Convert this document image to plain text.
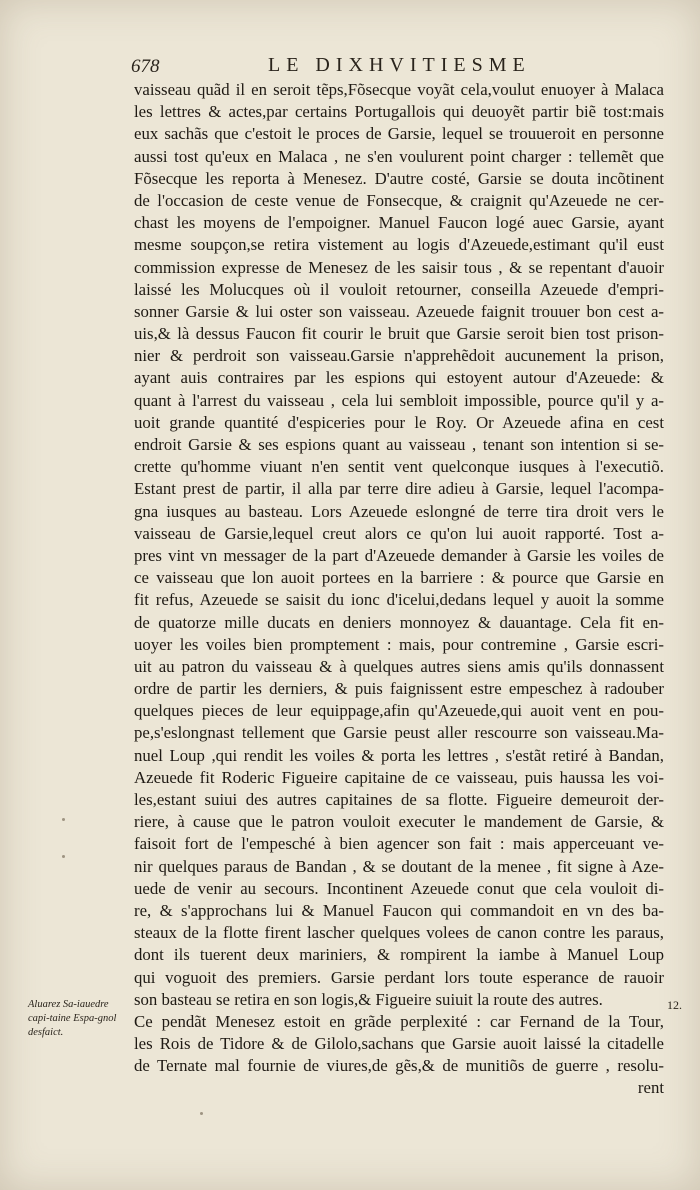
678	LE DIXHVITIESME
vaisseau quãd il en seroit tẽps,Fõsecque voyãt cela,voulut enuoyer à Malaca
les lettres & actes,par certains Portugallois qui deuoyẽt partir biẽ tost:mais
eux sachãs que c'estoit le proces de Garsie, lequel se trouueroit en personne
aussi tost qu'eux en Malaca , ne s'en voulurent point charger : tellemẽt que
Fõsecque les reporta à Menesez. D'autre costé, Garsie se douta incõtinent
de l'occasion de ceste venue de Fonsecque, & craignit qu'Azeuede ne cer-
chast les moyens de l'empoigner. Manuel Faucon logé auec Garsie, ayant
mesme soupçon,se retira vistement au logis d'Azeuede,estimant qu'il eust
commission expresse de Menesez de les saisir tous , & se repentant d'auoir
laissé les Molucques où il vouloit retourner, conseilla Azeuede d'empri-
sonner Garsie & lui oster son vaisseau. Azeuede faignit trouuer bon cest a-
uis,& là dessus Faucon fit courir le bruit que Garsie seroit bien tost prison-
nier & perdroit son vaisseau.Garsie n'apprehẽdoit aucunement la prison,
ayant auis contraires par les espions qui estoyent autour d'Azeuede: &
quant à l'arrest du vaisseau , cela lui sembloit impossible, pource qu'il y a-
uoit grande quantité d'espiceries pour le Roy. Or Azeuede afina en cest
endroit Garsie & ses espions quant au vaisseau , tenant son intention si se-
crette qu'homme viuant n'en sentit vent quelconque iusques à l'executiõ.
Estant prest de partir, il alla par terre dire adieu à Garsie, lequel l'acompa-
gna iusques au basteau. Lors Azeuede eslongné de terre tira droit vers le
vaisseau de Garsie,lequel creut alors ce qu'on lui auoit rapporté. Tost a-
pres vint vn messager de la part d'Azeuede demander à Garsie les voiles de
ce vaisseau que lon auoit portees en la barriere : & pource que Garsie en
fit refus, Azeuede se saisit du ionc d'icelui,dedans lequel y auoit la somme
de quatorze mille ducats en deniers monnoyez & dauantage. Cela fit en-
uoyer les voiles bien promptement : mais, pour contremine , Garsie escri-
uit au patron du vaisseau & à quelques autres siens amis qu'ils donnassent
ordre de partir les derniers, & puis faignissent estre empeschez à radouber
quelques pieces de leur equippage,afin qu'Azeuede,qui auoit vent en pou-
pe,s'eslongnast tellement que Garsie peust aller rescourre son vaisseau.Ma-
nuel Loup ,qui rendit les voiles & porta les lettres , s'estãt retiré à Bandan,
Azeuede fit Roderic Figueire capitaine de ce vaisseau, puis haussa les voi-
les,estant suiui des autres capitaines de sa flotte. Figueire demeuroit der-
riere, à cause que le patron vouloit executer le mandement de Garsie, &
faisoit fort de l'empesché à bien agencer son fait : mais apperceuant ve-
nir quelques paraus de Bandan , & se doutant de la menee , fit signe à Aze-
uede de venir au secours. Incontinent Azeuede conut que cela vouloit di-
re, & s'approchans lui & Manuel Faucon qui commandoit en vn des ba-
steaux de la flotte firent lascher quelques volees de canon contre les paraus,
dont ils tuerent deux mariniers, & rompirent la iambe à Manuel Loup
qui voguoit des premiers. Garsie perdant lors toute esperance de rauoir
son basteau se retira en son logis,& Figueire suiuit la route des autres.
Ce pendãt Menesez estoit en grãde perplexité : car Fernand de la Tour,
les Rois de Tidore & de Gilolo,sachans que Garsie auoit laissé la citadelle
de Ternate mal fournie de viures,de gẽs,& de munitiõs de guerre , resolu-
rent
Aluarez Sa-iauedre capi-taine Espa-gnol desfaict.
12.
